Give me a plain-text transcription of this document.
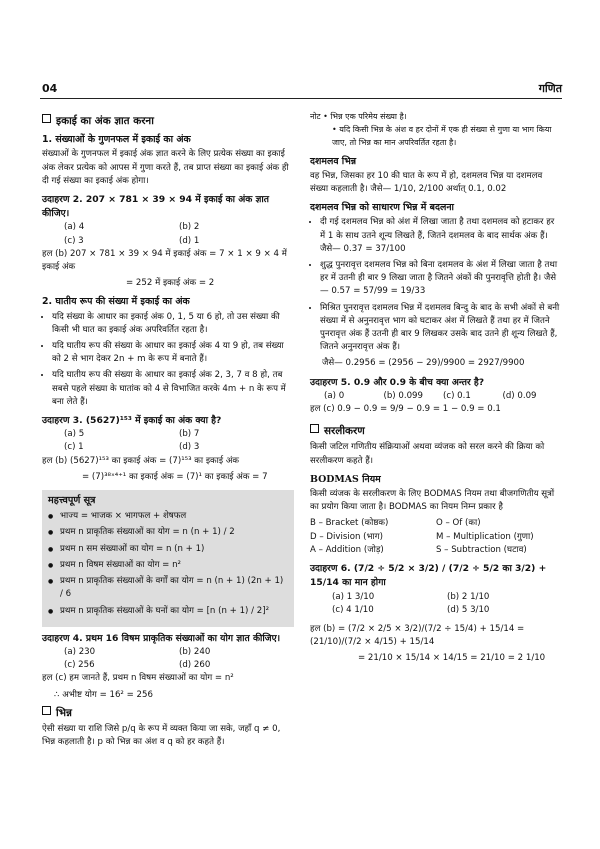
04	गणित
इकाई का अंक ज्ञात करना
1. संख्याओं के गुणनफल में इकाई का अंक

संख्याओं के गुणनफल में इकाई अंक ज्ञात करने के लिए प्रत्येक संख्या का इकाई अंक लेकर प्रत्येक को आपस में गुणा करते हैं, तब प्राप्त संख्या का इकाई अंक ही दी गई संख्या का इकाई अंक होगा।

उदाहरण 2. 207 × 781 × 39 × 94 में इकाई का अंक ज्ञात कीजिए।
(a) 4	(b) 2
(c) 3	(d) 1

हल (b) 207 × 781 × 39 × 94 में इकाई अंक = 7 × 1 × 9 × 4 में इकाई अंक

= 252 में इकाई अंक = 2

2. घातीय रूप की संख्या में इकाई का अंक
• यदि संख्या के आधार का इकाई अंक 0, 1, 5 या 6 हो, तो उस संख्या की किसी भी घात का इकाई अंक अपरिवर्तित रहता है।
• यदि घातीय रूप की संख्या के आधार का इकाई अंक 4 या 9 हो, तब संख्या को 2 से भाग देकर 2n + m के रूप में बनाते हैं।
• यदि घातीय रूप की संख्या के आधार का इकाई अंक 2, 3, 7 व 8 हो, तब सबसे पहले संख्या के घातांक को 4 से विभाजित करके 4m + n के रूप में बना लेते हैं।
उदाहरण 3. (5627)¹⁵³ में इकाई का अंक क्या है?
(a) 5	(b) 7
(c) 1	(d) 3

हल (b) (5627)¹⁵³ का इकाई अंक = (7)¹⁵³ का इकाई अंक

= (7)³⁸ˣ⁴⁺¹ का इकाई अंक = (7)¹ का इकाई अंक = 7

महत्त्वपूर्ण सूत्र
● भाज्य = भाजक × भागफल + शेषफल
● प्रथम n प्राकृतिक संख्याओं का योग = n (n + 1) / 2
● प्रथम n सम संख्याओं का योग = n (n + 1)
● प्रथम n विषम संख्याओं का योग = n²
● प्रथम n प्राकृतिक संख्याओं के वर्गों का योग = n (n + 1) (2n + 1) / 6
● प्रथम n प्राकृतिक संख्याओं के घनों का योग = [n (n + 1) / 2]²
उदाहरण 4. प्रथम 16 विषम प्राकृतिक संख्याओं का योग ज्ञात कीजिए।
(a) 230	(b) 240
(c) 256	(d) 260

हल (c) हम जानते हैं, प्रथम n विषम संख्याओं का योग = n²

∴ अभीष्ट योग = 16² = 256

भिन्न

ऐसी संख्या या राशि जिसे p/q के रूप में व्यक्त किया जा सके, जहाँ q ≠ 0, भिन्न कहलाती है। p को भिन्न का अंश व q को हर कहते हैं।

नोट • भिन्न एक परिमेय संख्या है।
• यदि किसी भिन्न के अंश व हर दोनों में एक ही संख्या से गुणा या भाग किया जाए, तो भिन्न का मान अपरिवर्तित रहता है।
दशमलव भिन्न

वह भिन्न, जिसका हर 10 की घात के रूप में हो, दशमलव भिन्न या दशमलव संख्या कहलाती है। जैसे— 1/10, 2/100 अर्थात् 0.1, 0.02

दशमलव भिन्न को साधारण भिन्न में बदलना
• दी गई दशमलव भिन्न को अंश में लिखा जाता है तथा दशमलव को हटाकर हर में 1 के साथ उतने शून्य लिखते हैं, जितने दशमलव के बाद सार्थक अंक हैं। जैसे— 0.37 = 37/100
• शुद्ध पुनरावृत्त दशमलव भिन्न को बिना दशमलव के अंश में लिखा जाता है तथा हर में उतनी ही बार 9 लिखा जाता है जितने अंकों की पुनरावृत्ति होती है। जैसे— 0.57 = 57/99 = 19/33
• मिश्रित पुनरावृत्त दशमलव भिन्न में दशमलव बिन्दु के बाद के सभी अंकों से बनी संख्या में से अनुनरावृत्त भाग को घटाकर अंश में लिखते हैं तथा हर में जितने पुनरावृत्त अंक हैं उतनी ही बार 9 लिखकर उसके बाद उतने ही शून्य लिखते हैं, जितने अनुनरावृत्त अंक हैं।

जैसे— 0.2956 = (2956 − 29)/9900 = 2927/9900

उदाहरण 5. 0.9 और 0.9 के बीच क्या अन्तर है?
(a) 0	(b) 0.099	(c) 0.1	(d) 0.09

हल (c) 0.9 − 0.9 = 9/9 − 0.9 = 1 − 0.9 = 0.1

सरलीकरण

किसी जटिल गणितीय संक्रियाओं अथवा व्यंजक को सरल करने की क्रिया को सरलीकरण कहते हैं।

BODMAS नियम

किसी व्यंजक के सरलीकरण के लिए BODMAS नियम तथा बीजगणितीय सूत्रों का प्रयोग किया जाता है। BODMAS का नियम निम्न प्रकार है

B – Bracket (कोष्ठक)	O – Of (का)
D – Division (भाग)	M – Multiplication (गुणा)
A – Addition (जोड़)	S – Subtraction (घटाव)
उदाहरण 6. (7/2 ÷ 5/2 × 3/2) / (7/2 ÷ 5/2 का 3/2) + 15/14 का मान होगा
(a) 1 3/10	(b) 2 1/10
(c) 4 1/10	(d) 5 3/10

हल (b) = (7/2 × 2/5 × 3/2)/(7/2 ÷ 15/4) + 15/14 = (21/10)/(7/2 × 4/15) + 15/14

= 21/10 × 15/14 × 14/15 = 21/10 = 2 1/10
